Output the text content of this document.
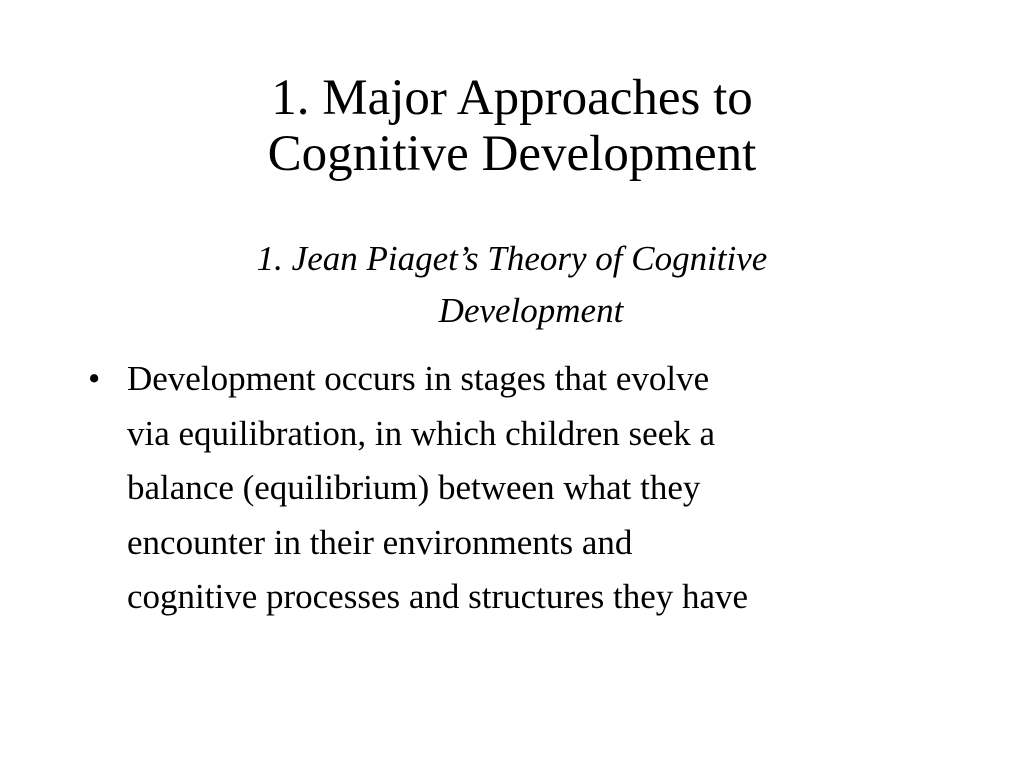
1. Major Approaches to
Cognitive Development
1. Jean Piaget’s Theory of Cognitive
Development
• Development occurs in stages that evolve
via equilibration, in which children seek a
balance (equilibrium) between what they
encounter in their environments and
cognitive processes and structures they have
